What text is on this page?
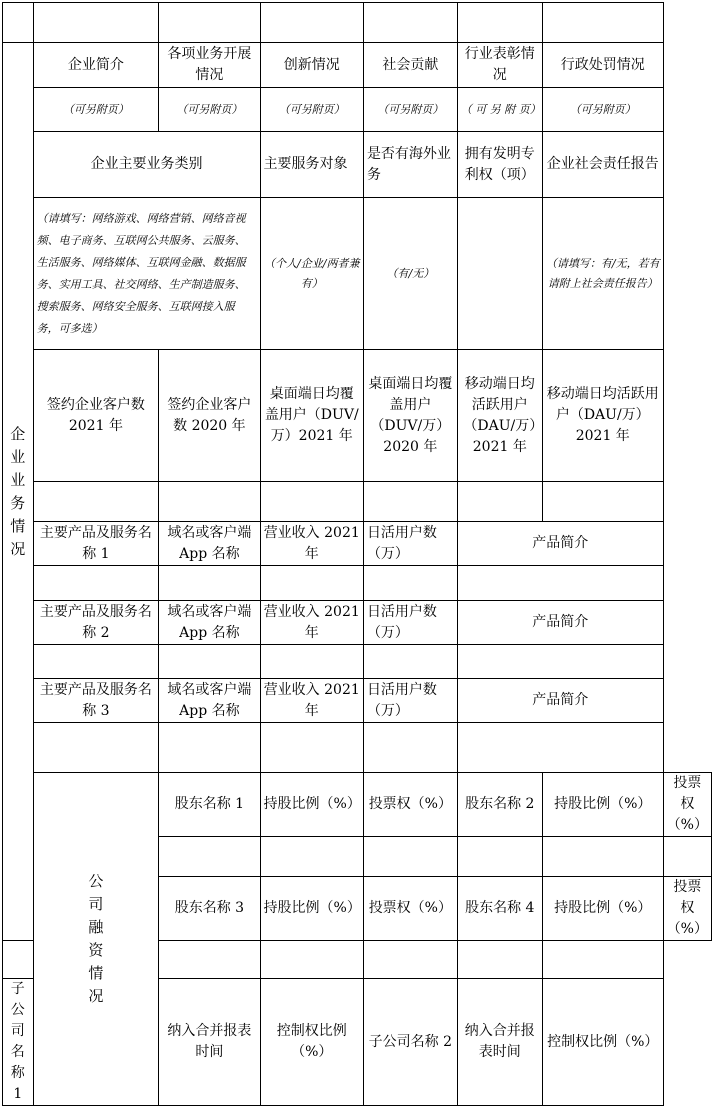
企业业务情况	企业简介	各项业务开展情况	创新情况	社会贡献	行业表彰情况	行政处罚情况	
	（可另附页）	（可另附页）	（可另附页）	（可另附页）	（ 可 另 附 页）	（可另附页）	
	企业主要业务类别		主要服务对象	是否有海外业务	拥有发明专利权（项）	企业社会责任报告	
	（请填写：网络游戏、网络营销、网络音视频、电子商务、互联网公共服务、云服务、生活服务、网络媒体、互联网金融、数据服务、实用工具、社交网络、生产制造服务、搜索服务、网络安全服务、互联网接入服务，可多选）		（个人/企业/两者兼有）	（有/无）		（请填写：有/无，若有请附上社会责任报告）	
	签约企业客户数 2021 年	签约企业客户数 2020 年	桌面端日均覆盖用户（DUV/万）2021 年	桌面端日均覆盖用户（DUV/万）2020 年	移动端日均活跃用户（DAU/万）2021 年	移动端日均活跃用户（DAU/万）2021 年	

	主要产品及服务名称 1	域名或客户端 App 名称	营业收入 2021 年	日活用户数（万）	产品简介		

	主要产品及服务名称 2	域名或客户端 App 名称	营业收入 2021 年	日活用户数（万）	产品简介		

	主要产品及服务名称 3	域名或客户端 App 名称	营业收入 2021 年	日活用户数（万）	产品简介		

	公司融资情况	股东名称 1	持股比例（%）	投票权（%）	股东名称 2	持股比例（%）	投票权（%）

		股东名称 3	持股比例（%）	投票权（%）	股东名称 4	持股比例（%）	投票权（%）

子公司名称 1		纳入合并报表时间	控制权比例（%）	子公司名称 2	纳入合并报表时间	控制权比例（%）	
